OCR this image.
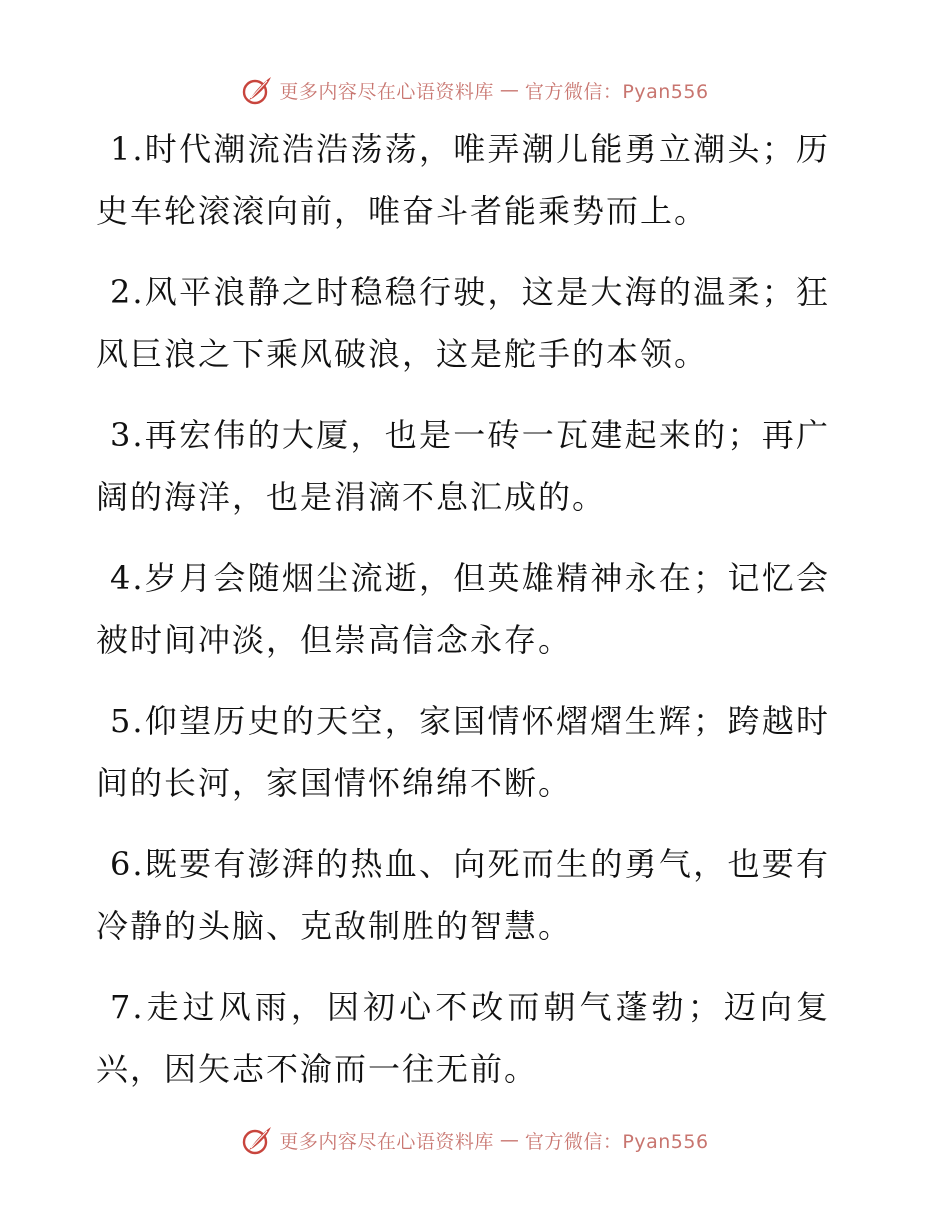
更多内容尽在心语资料库 — 官方微信：Pyan556

1.时代潮流浩浩荡荡，唯弄潮儿能勇立潮头；历史车轮滚滚向前，唯奋斗者能乘势而上。

2.风平浪静之时稳稳行驶，这是大海的温柔；狂风巨浪之下乘风破浪，这是舵手的本领。

3.再宏伟的大厦，也是一砖一瓦建起来的；再广阔的海洋，也是涓滴不息汇成的。

4.岁月会随烟尘流逝，但英雄精神永在；记忆会被时间冲淡，但崇高信念永存。

5.仰望历史的天空，家国情怀熠熠生辉；跨越时间的长河，家国情怀绵绵不断。

6.既要有澎湃的热血、向死而生的勇气，也要有冷静的头脑、克敌制胜的智慧。

7.走过风雨，因初心不改而朝气蓬勃；迈向复兴，因矢志不渝而一往无前。

更多内容尽在心语资料库 — 官方微信：Pyan556
